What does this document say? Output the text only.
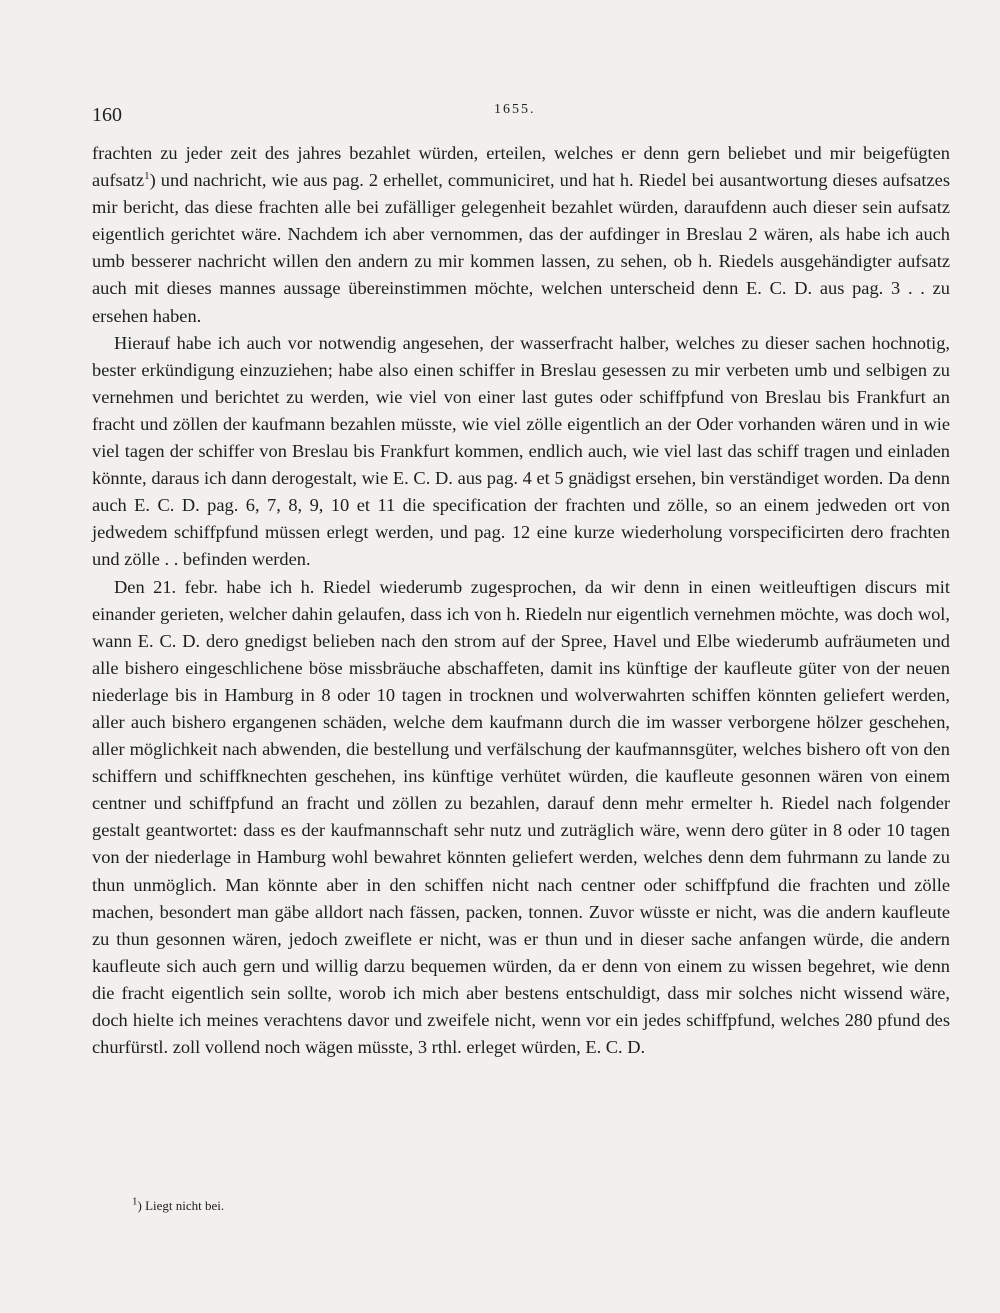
160	1655.

frachten zu jeder zeit des jahres bezahlet würden, erteilen, welches er denn gern beliebet und mir beigefügten aufsatz$^1$) und nachricht, wie aus pag. 2 erhellet, communiciret, und hat h. Riedel bei ausantwortung dieses aufsatzes mir bericht, das diese frachten alle bei zufälliger gelegenheit bezahlet würden, daraufdenn auch dieser sein aufsatz eigentlich gerichtet wäre. Nachdem ich aber vernommen, das der aufdinger in Breslau 2 wären, als habe ich auch umb besserer nachricht willen den andern zu mir kommen lassen, zu sehen, ob h. Riedels ausgehändigter aufsatz auch mit dieses mannes aussage übereinstimmen möchte, welchen unterscheid denn E. C. D. aus pag. 3 . . zu ersehen haben.

Hierauf habe ich auch vor notwendig angesehen, der wasserfracht halber, welches zu dieser sachen hochnotig, bester erkündigung einzuziehen; habe also einen schiffer in Breslau gesessen zu mir verbeten umb und selbigen zu vernehmen und berichtet zu werden, wie viel von einer last gutes oder schiffpfund von Breslau bis Frankfurt an fracht und zöllen der kaufmann bezahlen müsste, wie viel zölle eigentlich an der Oder vorhanden wären und in wie viel tagen der schiffer von Breslau bis Frankfurt kommen, endlich auch, wie viel last das schiff tragen und einladen könnte, daraus ich dann derogestalt, wie E. C. D. aus pag. 4 et 5 gnädigst ersehen, bin verständiget worden. Da denn auch E. C. D. pag. 6, 7, 8, 9, 10 et 11 die specification der frachten und zölle, so an einem jedweden ort von jedwedem schiffpfund müssen erlegt werden, und pag. 12 eine kurze wiederholung vorspecificirten dero frachten und zölle . . befinden werden.

Den 21. febr. habe ich h. Riedel wiederumb zugesprochen, da wir denn in einen weitleuftigen discurs mit einander gerieten, welcher dahin gelaufen, dass ich von h. Riedeln nur eigentlich vernehmen möchte, was doch wol, wann E. C. D. dero gnedigst belieben nach den strom auf der Spree, Havel und Elbe wiederumb aufräumeten und alle bishero eingeschlichene böse missbräuche abschaffeten, damit ins künftige der kaufleute güter von der neuen niederlage bis in Hamburg in 8 oder 10 tagen in trocknen und wolverwahrten schiffen könnten geliefert werden, aller auch bishero ergangenen schäden, welche dem kaufmann durch die im wasser verborgene hölzer geschehen, aller möglichkeit nach abwenden, die bestellung und verfälschung der kaufmannsgüter, welches bishero oft von den schiffern und schiffknechten geschehen, ins künftige verhütet würden, die kaufleute gesonnen wären von einem centner und schiffpfund an fracht und zöllen zu bezahlen, darauf denn mehr ermelter h. Riedel nach folgender gestalt geantwortet: dass es der kaufmannschaft sehr nutz und zuträglich wäre, wenn dero güter in 8 oder 10 tagen von der niederlage in Hamburg wohl bewahret könnten geliefert werden, welches denn dem fuhrmann zu lande zu thun unmöglich. Man könnte aber in den schiffen nicht nach centner oder schiffpfund die frachten und zölle machen, besondert man gäbe alldort nach fässen, packen, tonnen. Zuvor wüsste er nicht, was die andern kaufleute zu thun gesonnen wären, jedoch zweiflete er nicht, was er thun und in dieser sache anfangen würde, die andern kaufleute sich auch gern und willig darzu bequemen würden, da er denn von einem zu wissen begehret, wie denn die fracht eigentlich sein sollte, worob ich mich aber bestens entschuldigt, dass mir solches nicht wissend wäre, doch hielte ich meines verachtens davor und zweifele nicht, wenn vor ein jedes schiffpfund, welches 280 pfund des churfürstl. zoll vollend noch wägen müsste, 3 rthl. erleget würden, E. C. D.

$^1$) Liegt nicht bei.
